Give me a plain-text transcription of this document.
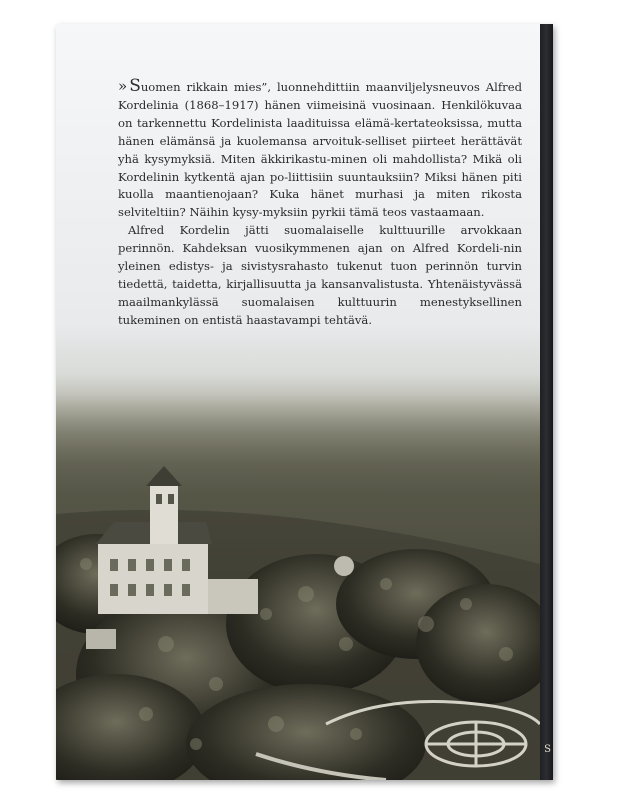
» Suomen rikkain mies”, luonnehdittiin maanviljelysneuvos Alfred Kordelinia (1868–1917) hänen viimeisinä vuosinaan. Henkilökuvaa on tarkennettu Kordelinista laadituissa elämä-kertateoksissa, mutta hänen elämänsä ja kuolemansa arvoituk-selliset piirteet herättävät yhä kysymyksiä. Miten äkkirikastu-minen oli mahdollista? Mikä oli Kordelinin kytkentä ajan po-liittisiin suuntauksiin? Miksi hänen piti kuolla maantienojaan? Kuka hänet murhasi ja miten rikosta selviteltiin? Näihin kysy-myksiin pyrkii tämä teos vastaamaan.

Alfred Kordelin jätti suomalaiselle kulttuurille arvokkaan perinnön. Kahdeksan vuosikymmenen ajan on Alfred Kordeli-nin yleinen edistys- ja sivistysrahasto tukenut tuon perinnön turvin tiedettä, taidetta, kirjallisuutta ja kansanvalistusta. Yhtenäistyvässä maailmankylässä suomalaisen kulttuurin menestyksellinen tukeminen on entistä haastavampi tehtävä.

S
